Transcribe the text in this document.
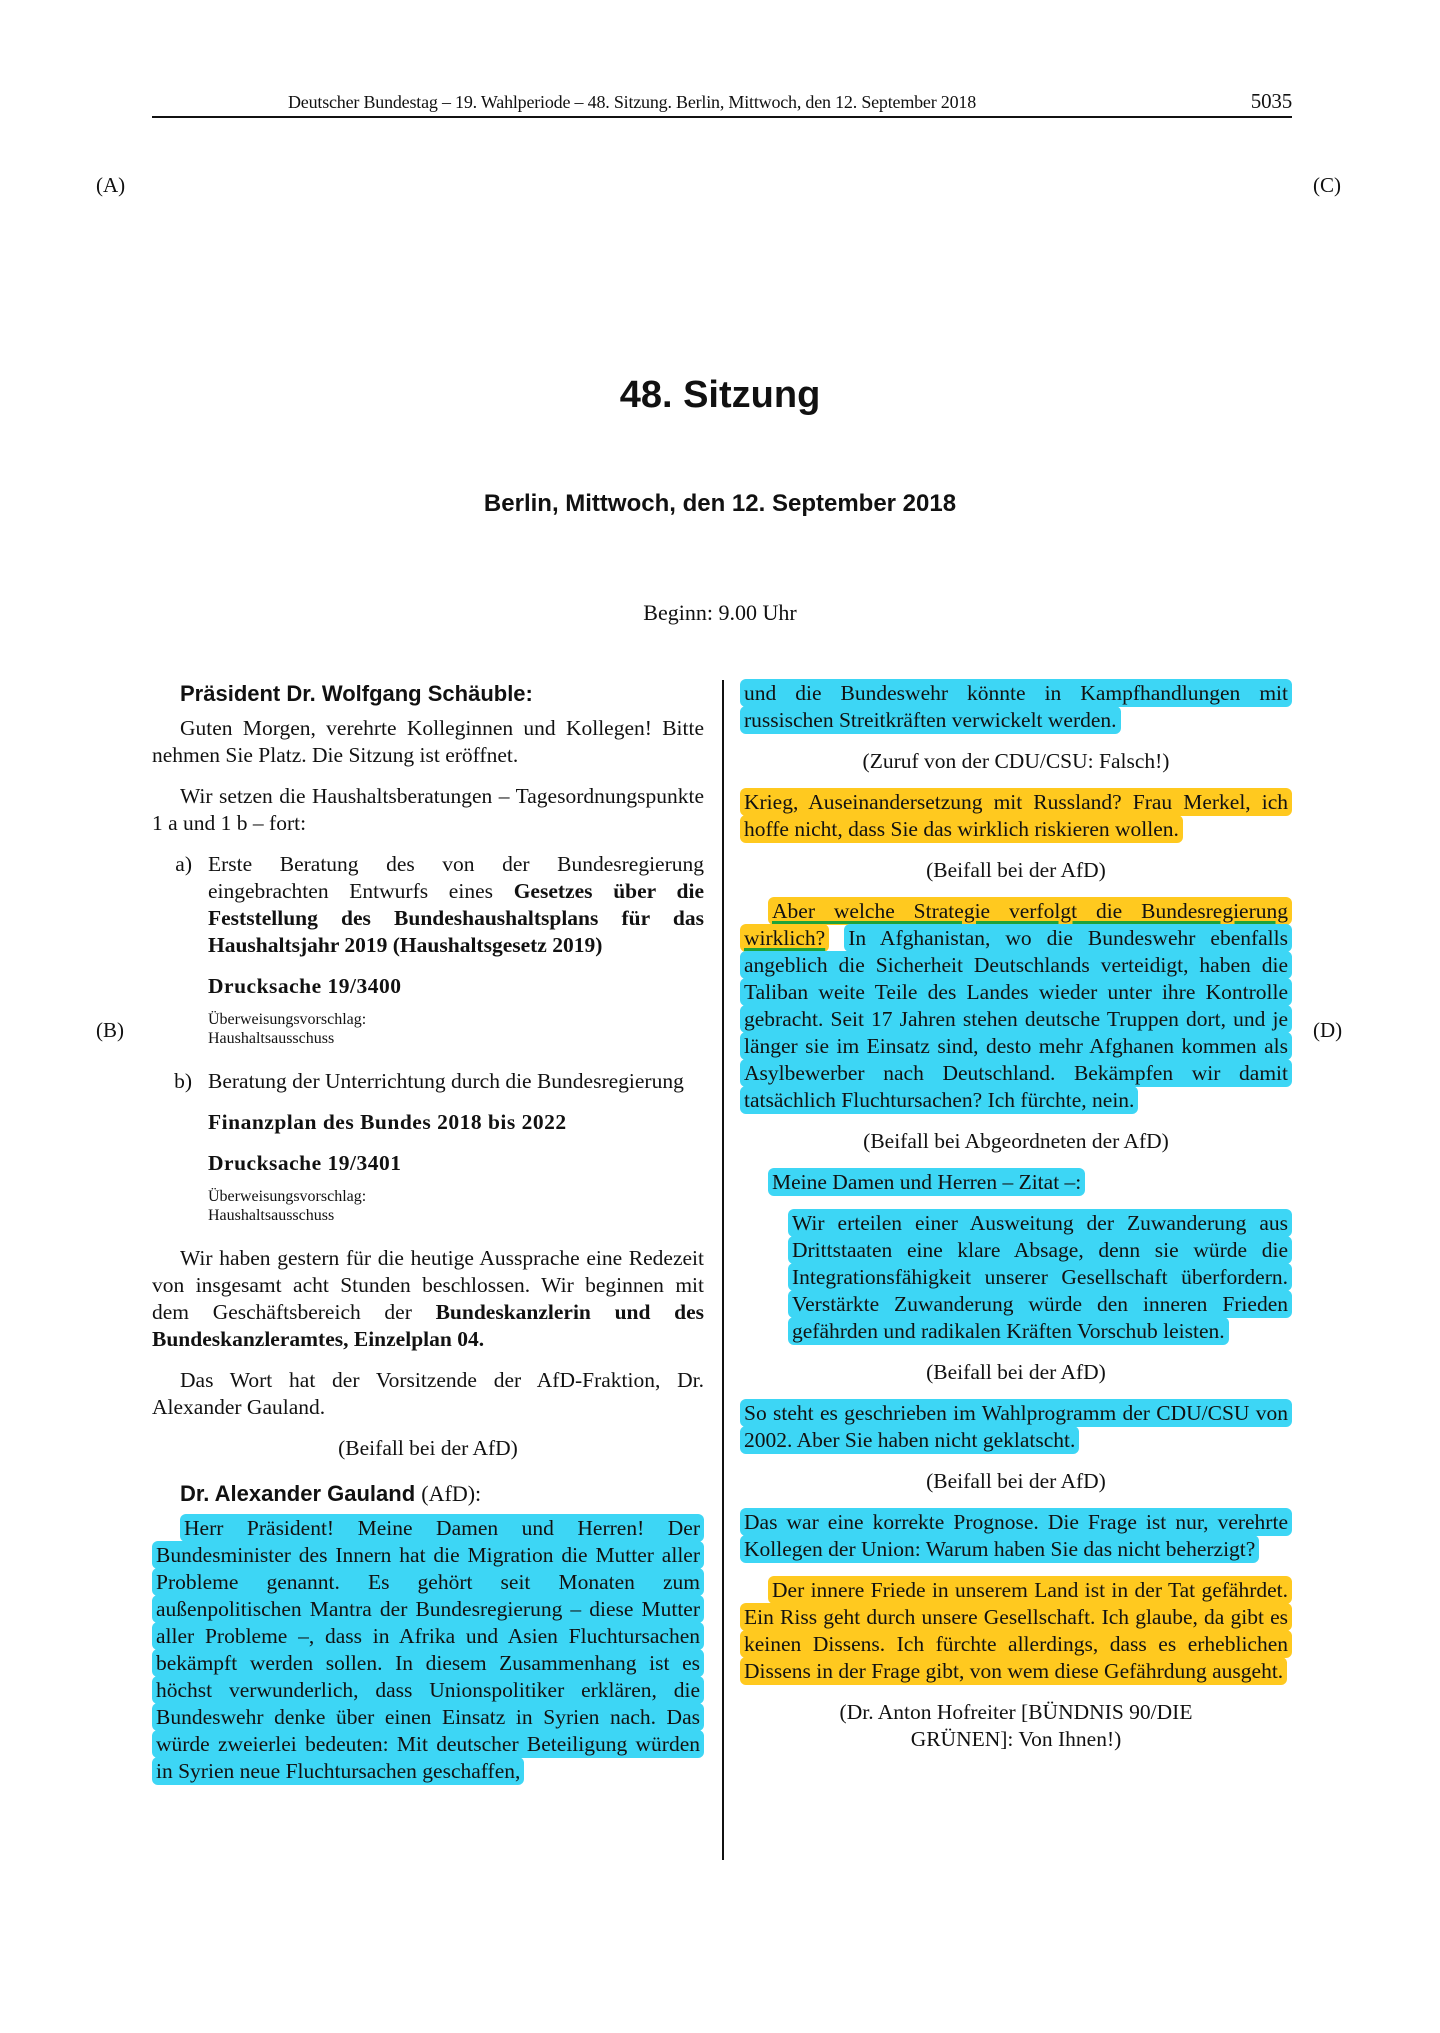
Deutscher Bundestag – 19. Wahlperiode – 48. Sitzung. Berlin, Mittwoch, den 12. September 2018	5035
(A)	(C)
(B)	(D)
48. Sitzung
Berlin, Mittwoch, den 12. September 2018
Beginn: 9.00 Uhr
Präsident Dr. Wolfgang Schäuble:

Guten Morgen, verehrte Kolleginnen und Kollegen! Bitte nehmen Sie Platz. Die Sitzung ist eröffnet.

Wir setzen die Haushaltsberatungen – Tagesordnungspunkte 1 a und 1 b – fort:

a) Erste Beratung des von der Bundesregierung eingebrachten Entwurfs eines Gesetzes über die Feststellung des Bundeshaushaltsplans für das Haushaltsjahr 2019 (Haushaltsgesetz 2019)
Drucksache 19/3400
Überweisungsvorschlag:
Haushaltsausschuss
b) Beratung der Unterrichtung durch die Bundesregierung
Finanzplan des Bundes 2018 bis 2022
Drucksache 19/3401
Überweisungsvorschlag:
Haushaltsausschuss

Wir haben gestern für die heutige Aussprache eine Redezeit von insgesamt acht Stunden beschlossen. Wir beginnen mit dem Geschäftsbereich der Bundeskanzlerin und des Bundeskanzleramtes, Einzelplan 04.

Das Wort hat der Vorsitzende der AfD-Fraktion, Dr. Alexander Gauland.

(Beifall bei der AfD)
Dr. Alexander Gauland (AfD):

Herr Präsident! Meine Damen und Herren! Der Bundesminister des Innern hat die Migration die Mutter aller Probleme genannt. Es gehört seit Monaten zum außenpolitischen Mantra der Bundesregierung – diese Mutter aller Probleme –, dass in Afrika und Asien Fluchtursachen bekämpft werden sollen. In diesem Zusammenhang ist es höchst verwunderlich, dass Unionspolitiker erklären, die Bundeswehr denke über einen Einsatz in Syrien nach. Das würde zweierlei bedeuten: Mit deutscher Beteiligung würden in Syrien neue Fluchtursachen geschaffen,

und die Bundeswehr könnte in Kampfhandlungen mit russischen Streitkräften verwickelt werden.

(Zuruf von der CDU/CSU: Falsch!)

Krieg, Auseinandersetzung mit Russland? Frau Merkel, ich hoffe nicht, dass Sie das wirklich riskieren wollen.

(Beifall bei der AfD)

Aber welche Strategie verfolgt die Bundesregierung wirklich? In Afghanistan, wo die Bundeswehr ebenfalls angeblich die Sicherheit Deutschlands verteidigt, haben die Taliban weite Teile des Landes wieder unter ihre Kontrolle gebracht. Seit 17 Jahren stehen deutsche Truppen dort, und je länger sie im Einsatz sind, desto mehr Afghanen kommen als Asylbewerber nach Deutschland. Bekämpfen wir damit tatsächlich Fluchtursachen? Ich fürchte, nein.

(Beifall bei Abgeordneten der AfD)

Meine Damen und Herren – Zitat –:

Wir erteilen einer Ausweitung der Zuwanderung aus Drittstaaten eine klare Absage, denn sie würde die Integrationsfähigkeit unserer Gesellschaft überfordern. Verstärkte Zuwanderung würde den inneren Frieden gefährden und radikalen Kräften Vorschub leisten.

(Beifall bei der AfD)

So steht es geschrieben im Wahlprogramm der CDU/CSU von 2002. Aber Sie haben nicht geklatscht.

(Beifall bei der AfD)

Das war eine korrekte Prognose. Die Frage ist nur, verehrte Kollegen der Union: Warum haben Sie das nicht beherzigt?

Der innere Friede in unserem Land ist in der Tat gefährdet. Ein Riss geht durch unsere Gesellschaft. Ich glaube, da gibt es keinen Dissens. Ich fürchte allerdings, dass es erheblichen Dissens in der Frage gibt, von wem diese Gefährdung ausgeht.

(Dr. Anton Hofreiter [BÜNDNIS 90/DIE GRÜNEN]: Von Ihnen!)
